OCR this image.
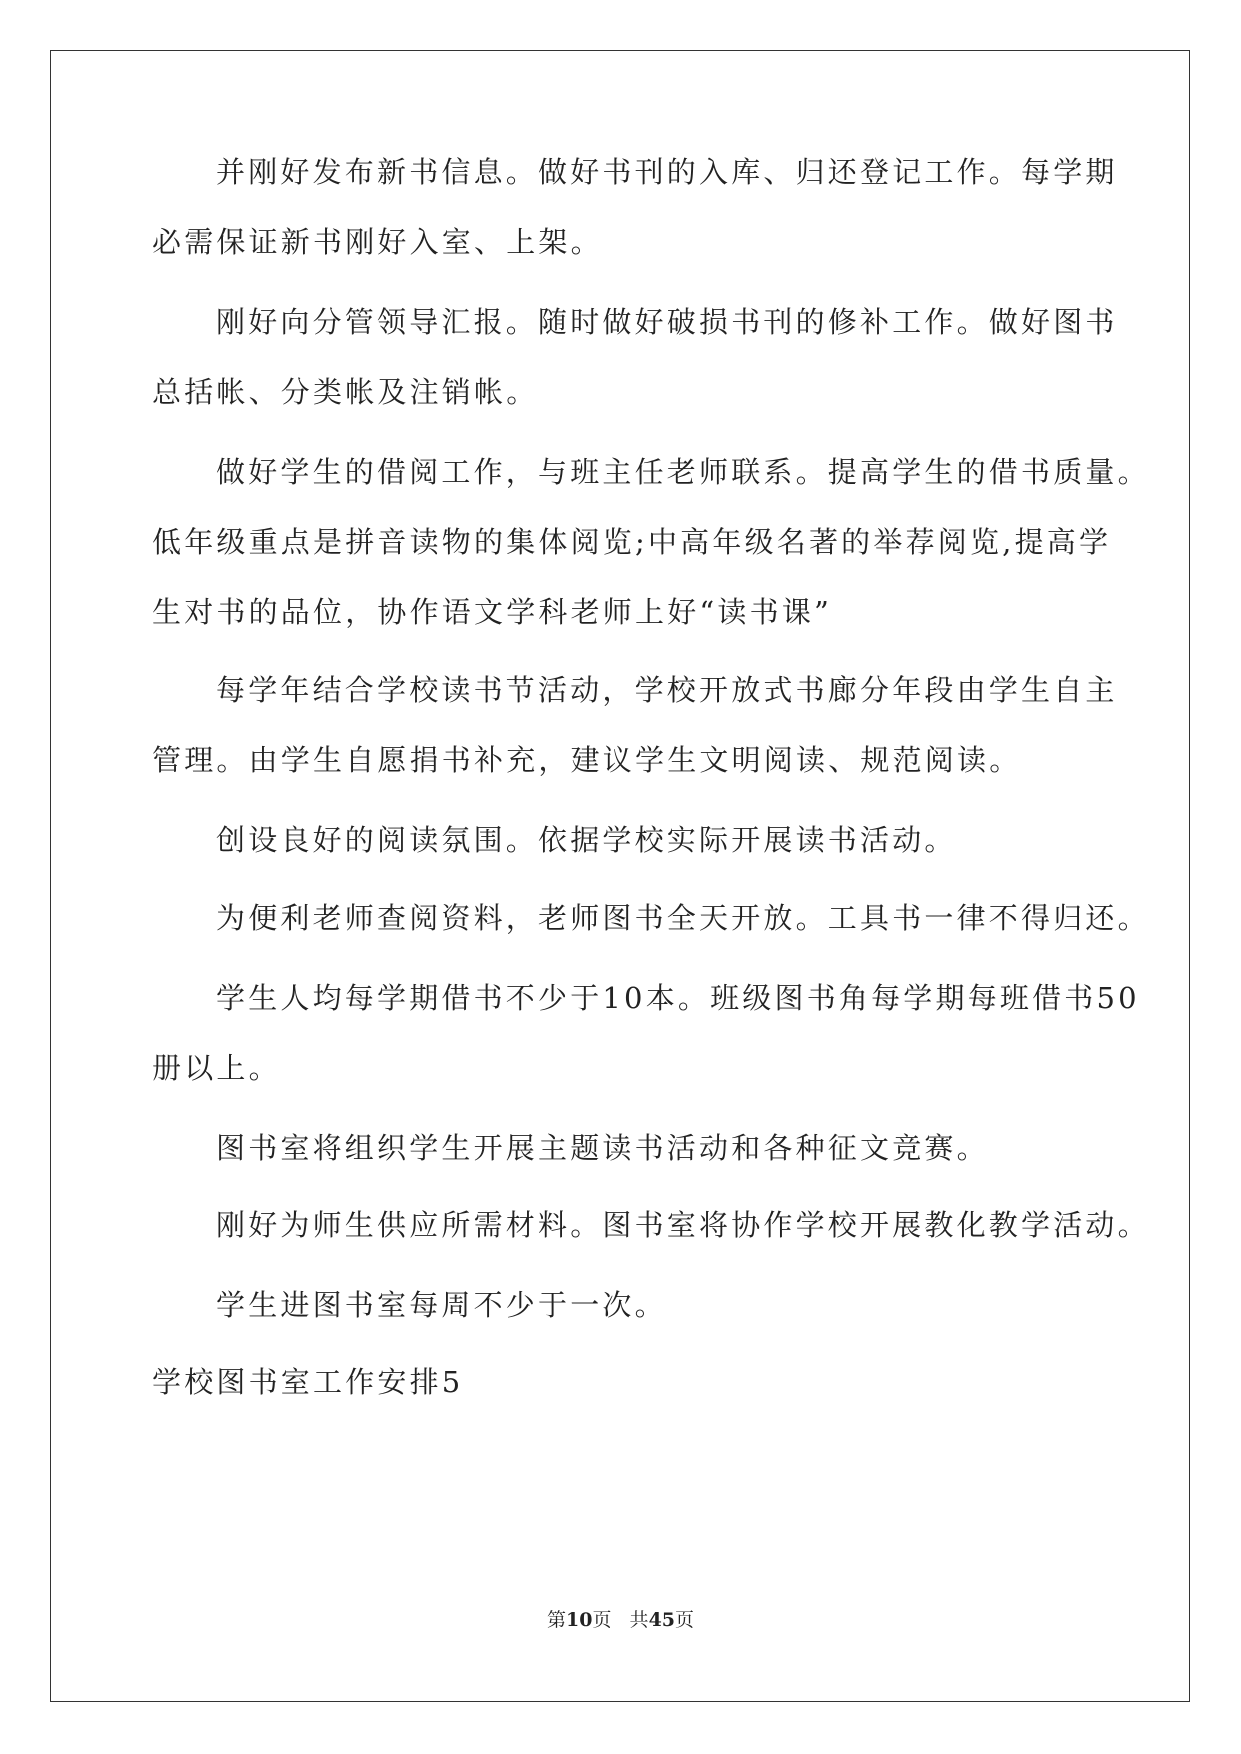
并刚好发布新书信息。做好书刊的入库、归还登记工作。每学期
必需保证新书刚好入室、上架。
刚好向分管领导汇报。随时做好破损书刊的修补工作。做好图书
总括帐、分类帐及注销帐。
做好学生的借阅工作，与班主任老师联系。提高学生的借书质量。
低年级重点是拼音读物的集体阅览;中高年级名著的举荐阅览,提高学
生对书的品位，协作语文学科老师上好“读书课”
每学年结合学校读书节活动，学校开放式书廊分年段由学生自主
管理。由学生自愿捐书补充，建议学生文明阅读、规范阅读。
创设良好的阅读氛围。依据学校实际开展读书活动。
为便利老师查阅资料，老师图书全天开放。工具书一律不得归还。
学生人均每学期借书不少于10本。班级图书角每学期每班借书50
册以上。
图书室将组织学生开展主题读书活动和各种征文竞赛。
刚好为师生供应所需材料。图书室将协作学校开展教化教学活动。
学生进图书室每周不少于一次。
学校图书室工作安排5
第10页   共45页
